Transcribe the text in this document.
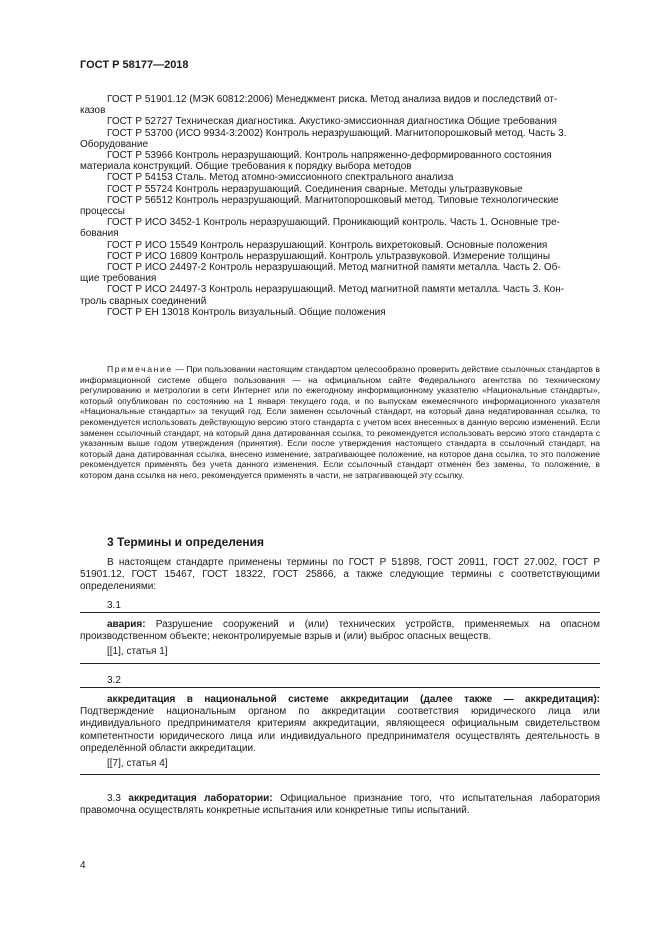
ГОСТ Р 58177—2018

ГОСТ Р 51901.12 (МЭК 60812:2006) Менеджмент риска. Метод анализа видов и последствий от-

казов

ГОСТ Р 52727 Техническая диагностика. Акустико-эмиссионная диагностика Общие требования

ГОСТ Р 53700 (ИСО 9934-3:2002) Контроль неразрушающий. Магнитопорошковый метод. Часть 3.

Оборудование

ГОСТ Р 53966 Контроль неразрушающий. Контроль напряженно-деформированного состояния

материала конструкций. Общие требования к порядку выбора методов

ГОСТ Р 54153 Сталь. Метод атомно-эмиссионного спектрального анализа

ГОСТ Р 55724 Контроль неразрушающий. Соединения сварные. Методы ультразвуковые

ГОСТ Р 56512 Контроль неразрушающий. Магнитопорошковый метод. Типовые технологические

процессы

ГОСТ Р ИСО 3452-1 Контроль неразрушающий. Проникающий контроль. Часть 1. Основные тре-

бования

ГОСТ Р ИСО 15549 Контроль неразрушающий. Контроль вихретоковый. Основные положения

ГОСТ Р ИСО 16809 Контроль неразрушающий. Контроль ультразвуковой. Измерение толщины

ГОСТ Р ИСО 24497-2 Контроль неразрушающий. Метод магнитной памяти металла. Часть 2. Об-

щие требования

ГОСТ Р ИСО 24497-3 Контроль неразрушающий. Метод магнитной памяти металла. Часть 3. Кон-

троль сварных соединений

ГОСТ Р ЕН 13018 Контроль визуальный. Общие положения

Примечание — При пользовании настоящим стандартом целесообразно проверить действие ссылочных стандартов в информационной системе общего пользования — на официальном сайте Федерального агентства по техническому регулированию и метрологии в сети Интернет или по ежегодному информационному указателю «Национальные стандарты», который опубликован по состоянию на 1 января текущего года, и по выпускам ежемесячного информационного указателя «Национальные стандарты» за текущий год. Если заменен ссылочный стандарт, на который дана недатированная ссылка, то рекомендуется использовать действующую версию этого стандарта с учетом всех внесенных в данную версию изменений. Если заменен ссылочный стандарт, на который дана датированная ссылка, то рекомендуется использовать версию этого стандарта с указанным выше годом утверждения (принятия). Если после утверждения настоящего стандарта в ссылочный стандарт, на который дана датированная ссылка, внесено изменение, затрагивающее положение, на которое дана ссылка, то это положение рекомендуется применять без учета данного изменения. Если ссылочный стандарт отменен без замены, то положение, в котором дана ссылка на него, рекомендуется применять в части, не затрагивающей эту ссылку.
3 Термины и определения
В настоящем стандарте применены термины по ГОСТ Р 51898, ГОСТ 20911, ГОСТ 27.002, ГОСТ Р 51901.12, ГОСТ 15467, ГОСТ 18322, ГОСТ 25866, а также следующие термины с соответствующими определениями:
3.1

авария: Разрушение сооружений и (или) технических устройств, применяемых на опасном производственном объекте; неконтролируемые взрыв и (или) выброс опасных веществ.

[[1], статья 1]

3.2

аккредитация в национальной системе аккредитации (далее также — аккредитация): Подтверждение национальным органом по аккредитации соответствия юридического лица или индивидуального предпринимателя критериям аккредитации, являющееся официальным свидетельством компетентности юридического лица или индивидуального предпринимателя осуществлять деятельность в определённой области аккредитации.

[[7], статья 4]

3.3 аккредитация лаборатории: Официальное признание того, что испытательная лаборатория правомочна осуществлять конкретные испытания или конкретные типы испытаний.
4
